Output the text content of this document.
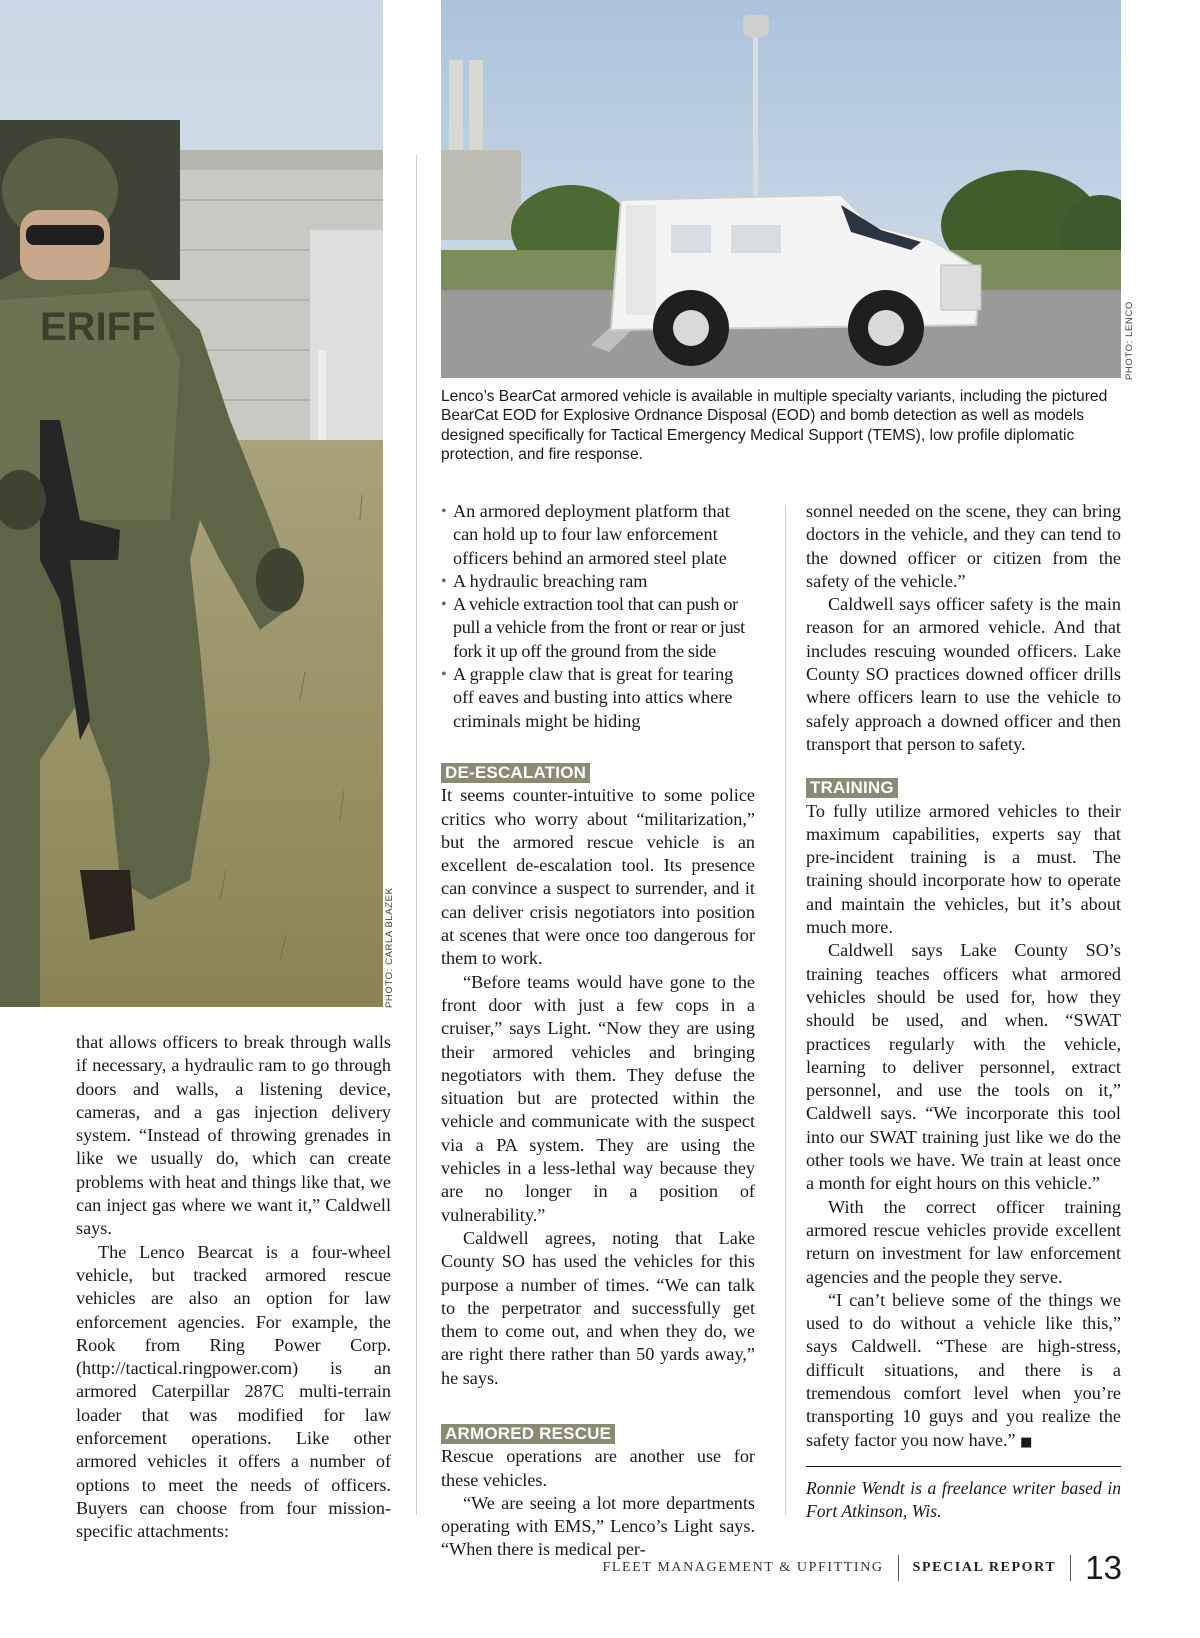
ERIFF
PHOTO: CARLA BLAZEK
PHOTO: LENCO

Lenco’s BearCat armored vehicle is available in multiple specialty variants, including the pictured BearCat EOD for Explosive Ordnance Disposal (EOD) and bomb detection as well as models designed specifically for Tactical Emergency Medical Support (TEMS), low profile diplomatic protection, and fire response.

that allows officers to break through walls if necessary, a hydraulic ram to go through doors and walls, a listening device, cameras, and a gas injection delivery system. “Instead of throwing grenades in like we usually do, which can create problems with heat and things like that, we can inject gas where we want it,” Caldwell says.

The Lenco Bearcat is a four-wheel vehicle, but tracked armored rescue vehicles are also an option for law enforcement agencies. For example, the Rook from Ring Power Corp. (http://tactical.ringpower.com) is an armored Caterpillar 287C multi-terrain loader that was modified for law enforcement operations. Like other armored vehicles it offers a number of options to meet the needs of officers. Buyers can choose from four mission-specific attachments:

• An armored deployment platform that can hold up to four law enforcement officers behind an armored steel plate
• A hydraulic breaching ram
• A vehicle extraction tool that can push or pull a vehicle from the front or rear or just fork it up off the ground from the side
• A grapple claw that is great for tearing off eaves and busting into attics where criminals might be hiding
DE-ESCALATION

It seems counter-intuitive to some police critics who worry about “militarization,” but the armored rescue vehicle is an excellent de-escalation tool. Its presence can convince a suspect to surrender, and it can deliver crisis negotiators into position at scenes that were once too dangerous for them to work.

“Before teams would have gone to the front door with just a few cops in a cruiser,” says Light. “Now they are using their armored vehicles and bringing negotiators with them. They defuse the situation but are protected within the vehicle and communicate with the suspect via a PA system. They are using the vehicles in a less-lethal way because they are no longer in a position of vulnerability.”

Caldwell agrees, noting that Lake County SO has used the vehicles for this purpose a number of times. “We can talk to the perpetrator and successfully get them to come out, and when they do, we are right there rather than 50 yards away,” he says.

ARMORED RESCUE

Rescue operations are another use for these vehicles.

“We are seeing a lot more departments operating with EMS,” Lenco’s Light says. “When there is medical per-

sonnel needed on the scene, they can bring doctors in the vehicle, and they can tend to the downed officer or citizen from the safety of the vehicle.”

Caldwell says officer safety is the main reason for an armored vehicle. And that includes rescuing wounded officers. Lake County SO practices downed officer drills where officers learn to use the vehicle to safely approach a downed officer and then transport that person to safety.

TRAINING

To fully utilize armored vehicles to their maximum capabilities, experts say that pre-incident training is a must. The training should incorporate how to operate and maintain the vehicles, but it’s about much more.

Caldwell says Lake County SO’s training teaches officers what armored vehicles should be used for, how they should be used, and when. “SWAT practices regularly with the vehicle, learning to deliver personnel, extract personnel, and use the tools on it,” Caldwell says. “We incorporate this tool into our SWAT training just like we do the other tools we have. We train at least once a month for eight hours on this vehicle.”

With the correct officer training armored rescue vehicles provide excellent return on investment for law enforcement agencies and the people they serve.

“I can’t believe some of the things we used to do without a vehicle like this,” says Caldwell. “These are high-stress, difficult situations, and there is a tremendous comfort level when you’re transporting 10 guys and you realize the safety factor you now have.” ■

Ronnie Wendt is a freelance writer based in Fort Atkinson, Wis.

FLEET MANAGEMENT & UPFITTING SPECIAL REPORT 13
